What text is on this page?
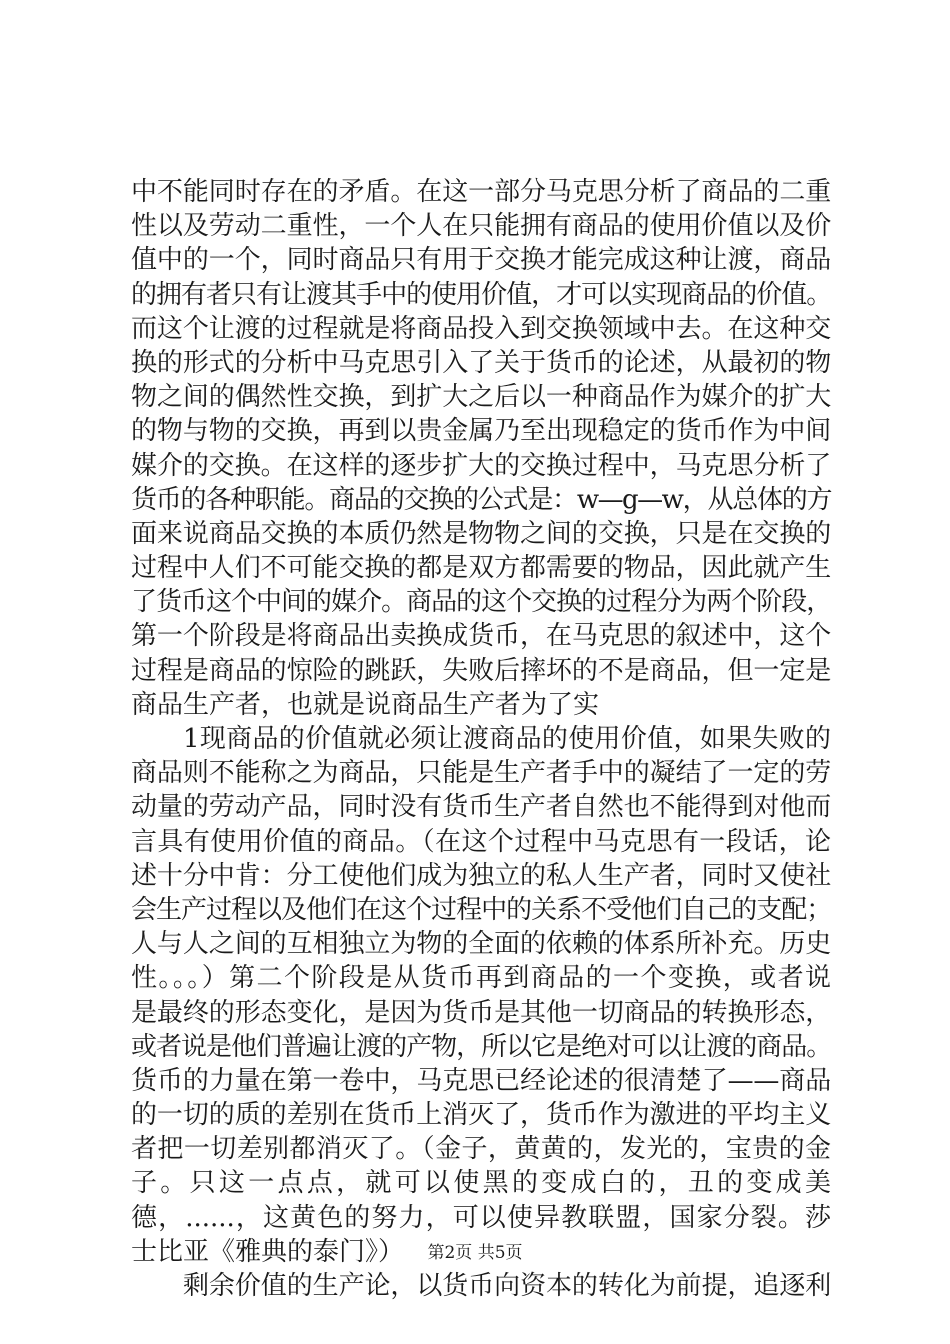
中不能同时存在的矛盾。在这一部分马克思分析了商品的二重
性以及劳动二重性，一个人在只能拥有商品的使用价值以及价
值中的一个，同时商品只有用于交换才能完成这种让渡，商品
的拥有者只有让渡其手中的使用价值，才可以实现商品的价值。
而这个让渡的过程就是将商品投入到交换领域中去。在这种交
换的形式的分析中马克思引入了关于货币的论述，从最初的物
物之间的偶然性交换，到扩大之后以一种商品作为媒介的扩大
的物与物的交换，再到以贵金属乃至出现稳定的货币作为中间
媒介的交换。在这样的逐步扩大的交换过程中，马克思分析了
货币的各种职能。商品的交换的公式是：w—g—w，从总体的方
面来说商品交换的本质仍然是物物之间的交换，只是在交换的
过程中人们不可能交换的都是双方都需要的物品，因此就产生
了货币这个中间的媒介。商品的这个交换的过程分为两个阶段，
第一个阶段是将商品出卖换成货币，在马克思的叙述中，这个
过程是商品的惊险的跳跃，失败后摔坏的不是商品，但一定是
商品生产者，也就是说商品生产者为了实
1现商品的价值就必须让渡商品的使用价值，如果失败的
商品则不能称之为商品，只能是生产者手中的凝结了一定的劳
动量的劳动产品，同时没有货币生产者自然也不能得到对他而
言具有使用价值的商品。（在这个过程中马克思有一段话，论
述十分中肯：分工使他们成为独立的私人生产者，同时又使社
会生产过程以及他们在这个过程中的关系不受他们自己的支配；
人与人之间的互相独立为物的全面的依赖的体系所补充。历史
性。。。）第二个阶段是从货币再到商品的一个变换，或者说
是最终的形态变化，是因为货币是其他一切商品的转换形态，
或者说是他们普遍让渡的产物，所以它是绝对可以让渡的商品。
货币的力量在第一卷中，马克思已经论述的很清楚了——商品
的一切的质的差别在货币上消灭了，货币作为激进的平均主义
者把一切差别都消灭了。（金子，黄黄的，发光的，宝贵的金
子。只这一点点，就可以使黑的变成白的，丑的变成美
德，......，这黄色的努力，可以使异教联盟，国家分裂。莎
士比亚《雅典的泰门》）
剩余价值的生产论，以货币向资本的转化为前提，追逐利
第2页 共5页
